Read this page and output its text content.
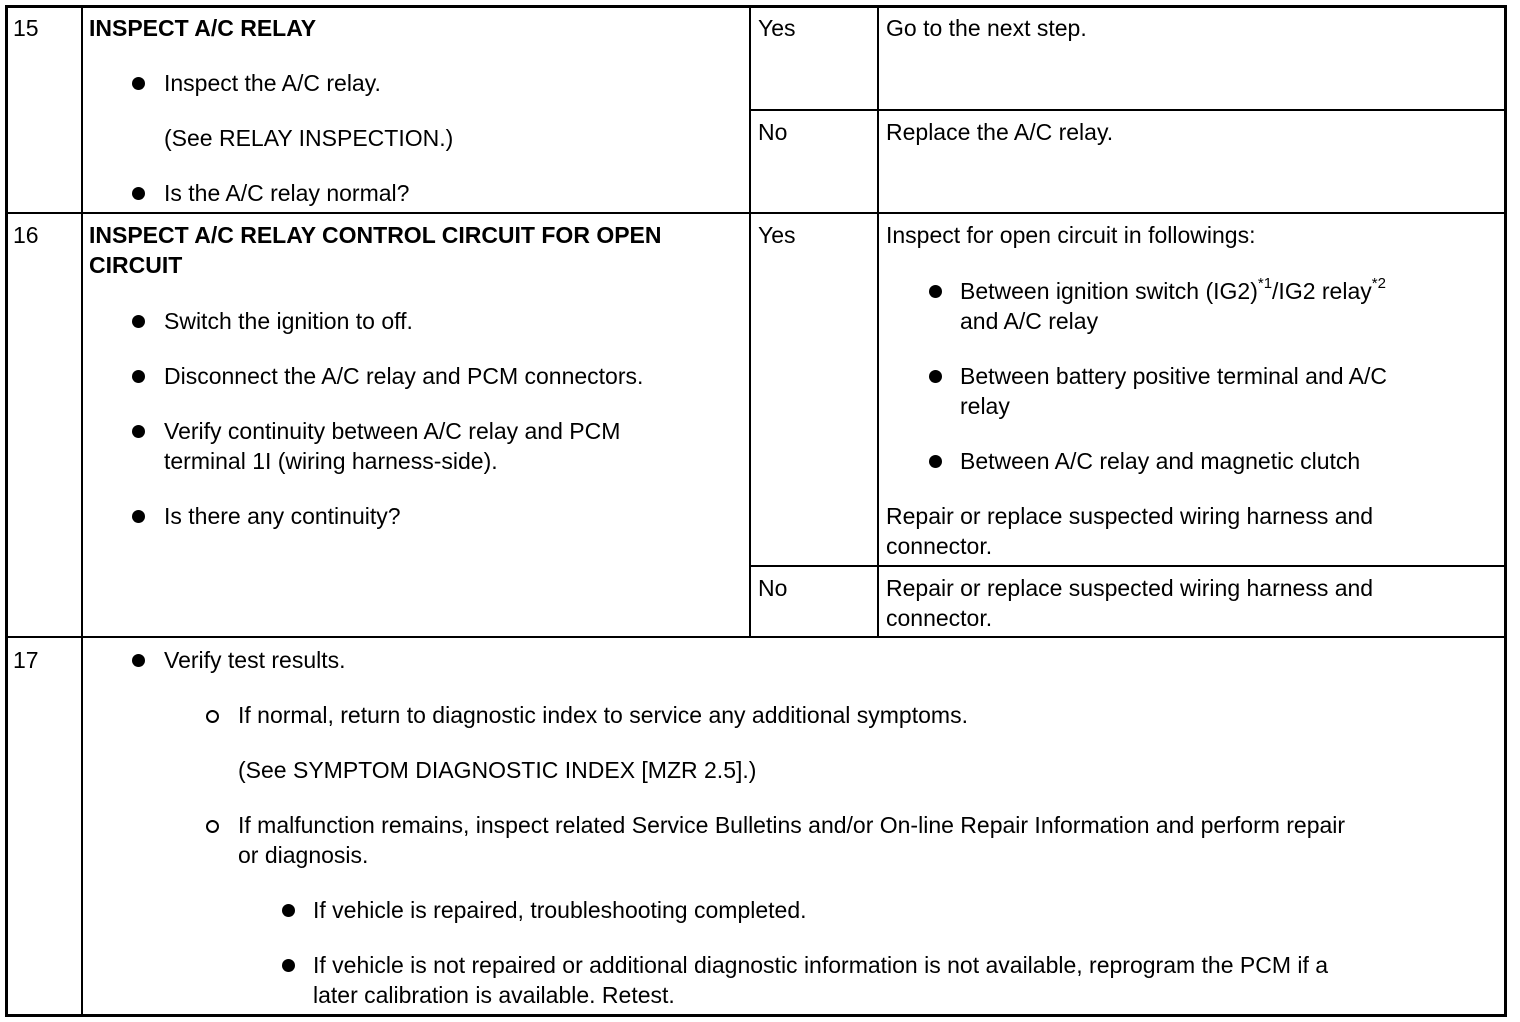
15 INSPECT A/C RELAY
Inspect the A/C relay.
(See RELAY INSPECTION.)
Is the A/C relay normal?
Yes	Go to the next step.
No	Replace the A/C relay.
16 INSPECT A/C RELAY CONTROL CIRCUIT FOR OPEN
CIRCUIT
Switch the ignition to off.
Disconnect the A/C relay and PCM connectors.
Verify continuity between A/C relay and PCM
terminal 1I (wiring harness-side).
Is there any continuity?
Yes	Inspect for open circuit in followings:
Between ignition switch $(IG2)^{*1}/IG2$ relay$^{*2}$
and A/C relay
Between battery positive terminal and A/C
relay
Between A/C relay and magnetic clutch
Repair or replace suspected wiring harness and
connector.
No	Repair or replace suspected wiring harness and
connector.
17	Verify test results.
If normal, return to diagnostic index to service any additional symptoms.
(See SYMPTOM DIAGNOSTIC INDEX [MZR 2.5].)
If malfunction remains, inspect related Service Bulletins and/or On-line Repair Information and perform repair
or diagnosis.
If vehicle is repaired, troubleshooting completed.
If vehicle is not repaired or additional diagnostic information is not available, reprogram the PCM if a
later calibration is available. Retest.
